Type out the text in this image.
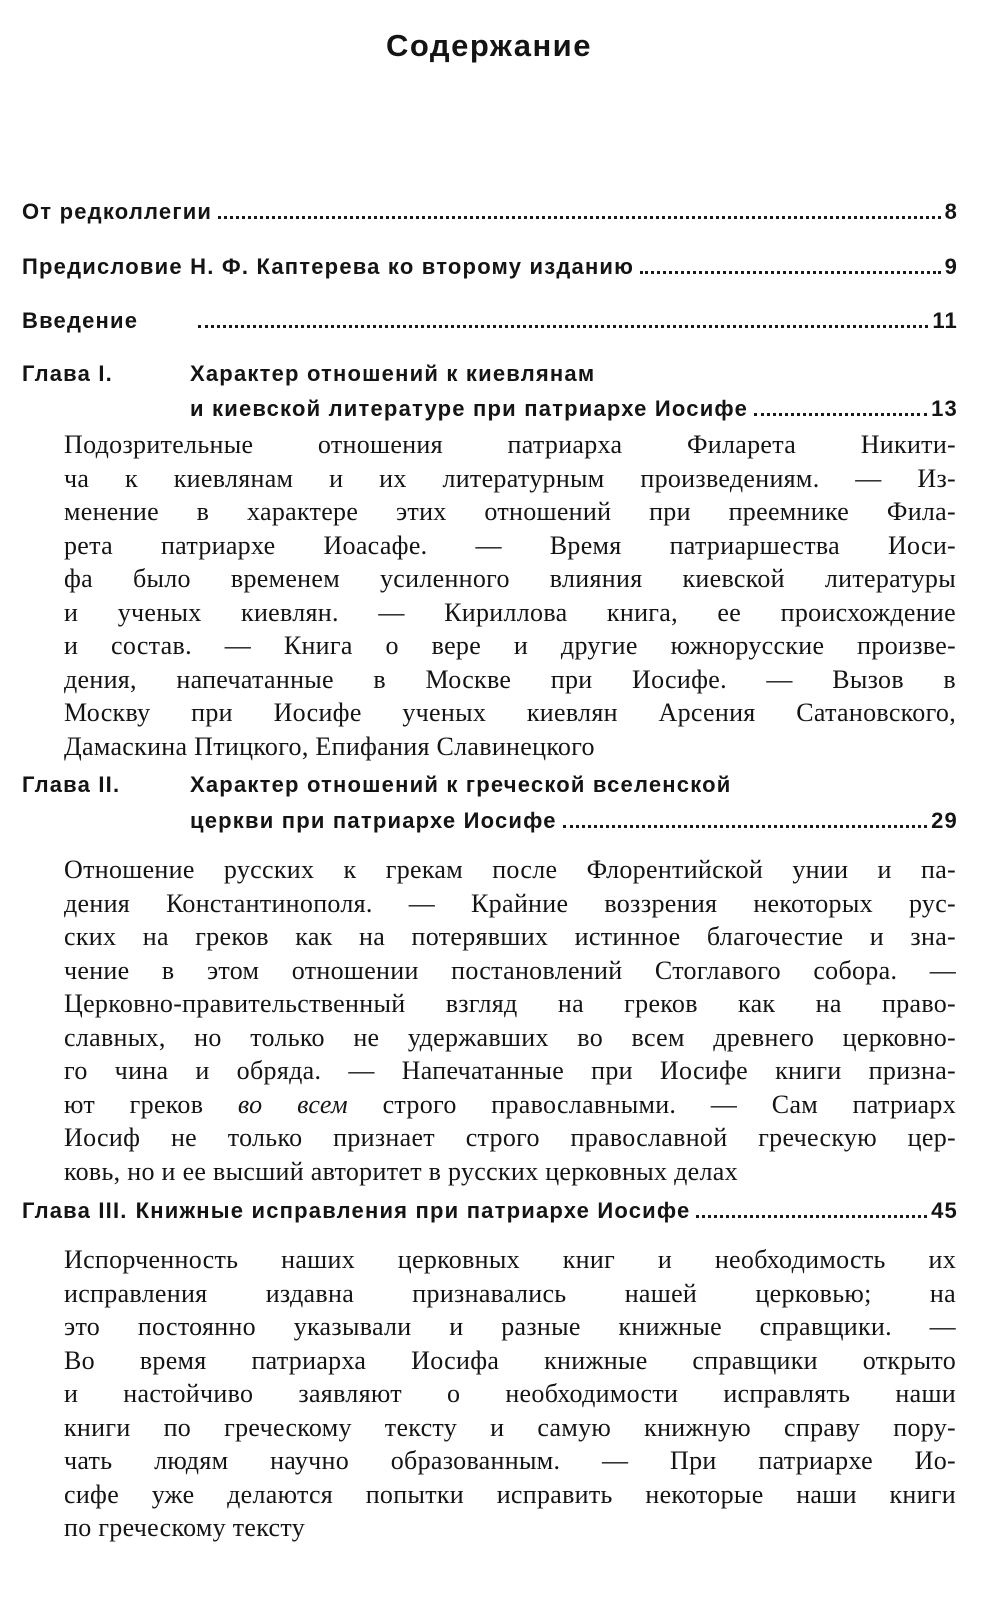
Содержание
От редколлегии	8
Предисловие Н. Ф. Каптерева ко второму изданию	9
Введение	11
Глава I.	Характер отношений к киевлянам
и киевской литературе при патриархе Иосифе	13
Подозрительные отношения патриарха Филарета Никити-
ча к киевлянам и их литературным произведениям. — Из-
менение в характере этих отношений при преемнике Фила-
рета патриархе Иоасафе. — Время патриаршества Иоси-
фа было временем усиленного влияния киевской литературы
и ученых киевлян. — Кириллова книга, ее происхождение
и состав. — Книга о вере и другие южнорусские произве-
дения, напечатанные в Москве при Иосифе. — Вызов в
Москву при Иосифе ученых киевлян Арсения Сатановского,
Дамаскина Птицкого, Епифания Славинецкого
Глава II.	Характер отношений к греческой вселенской
церкви при патриархе Иосифе	29
Отношение русских к грекам после Флорентийской унии и па-
дения Константинополя. — Крайние воззрения некоторых рус-
ских на греков как на потерявших истинное благочестие и зна-
чение в этом отношении постановлений Стоглавого собора. —
Церковно-правительственный взгляд на греков как на право-
славных, но только не удержавших во всем древнего церковно-
го чина и обряда. — Напечатанные при Иосифе книги призна-
ют греков во всем строго православными. — Сам патриарх
Иосиф не только признает строго православной греческую цер-
ковь, но и ее высший авторитет в русских церковных делах
Глава III. Книжные исправления при патриархе Иосифе	45
Испорченность наших церковных книг и необходимость их
исправления издавна признавались нашей церковью; на
это постоянно указывали и разные книжные справщики. —
Во время патриарха Иосифа книжные справщики открыто
и настойчиво заявляют о необходимости исправлять наши
книги по греческому тексту и самую книжную справу пору-
чать людям научно образованным. — При патриархе Ио-
сифе уже делаются попытки исправить некоторые наши книги
по греческому тексту
